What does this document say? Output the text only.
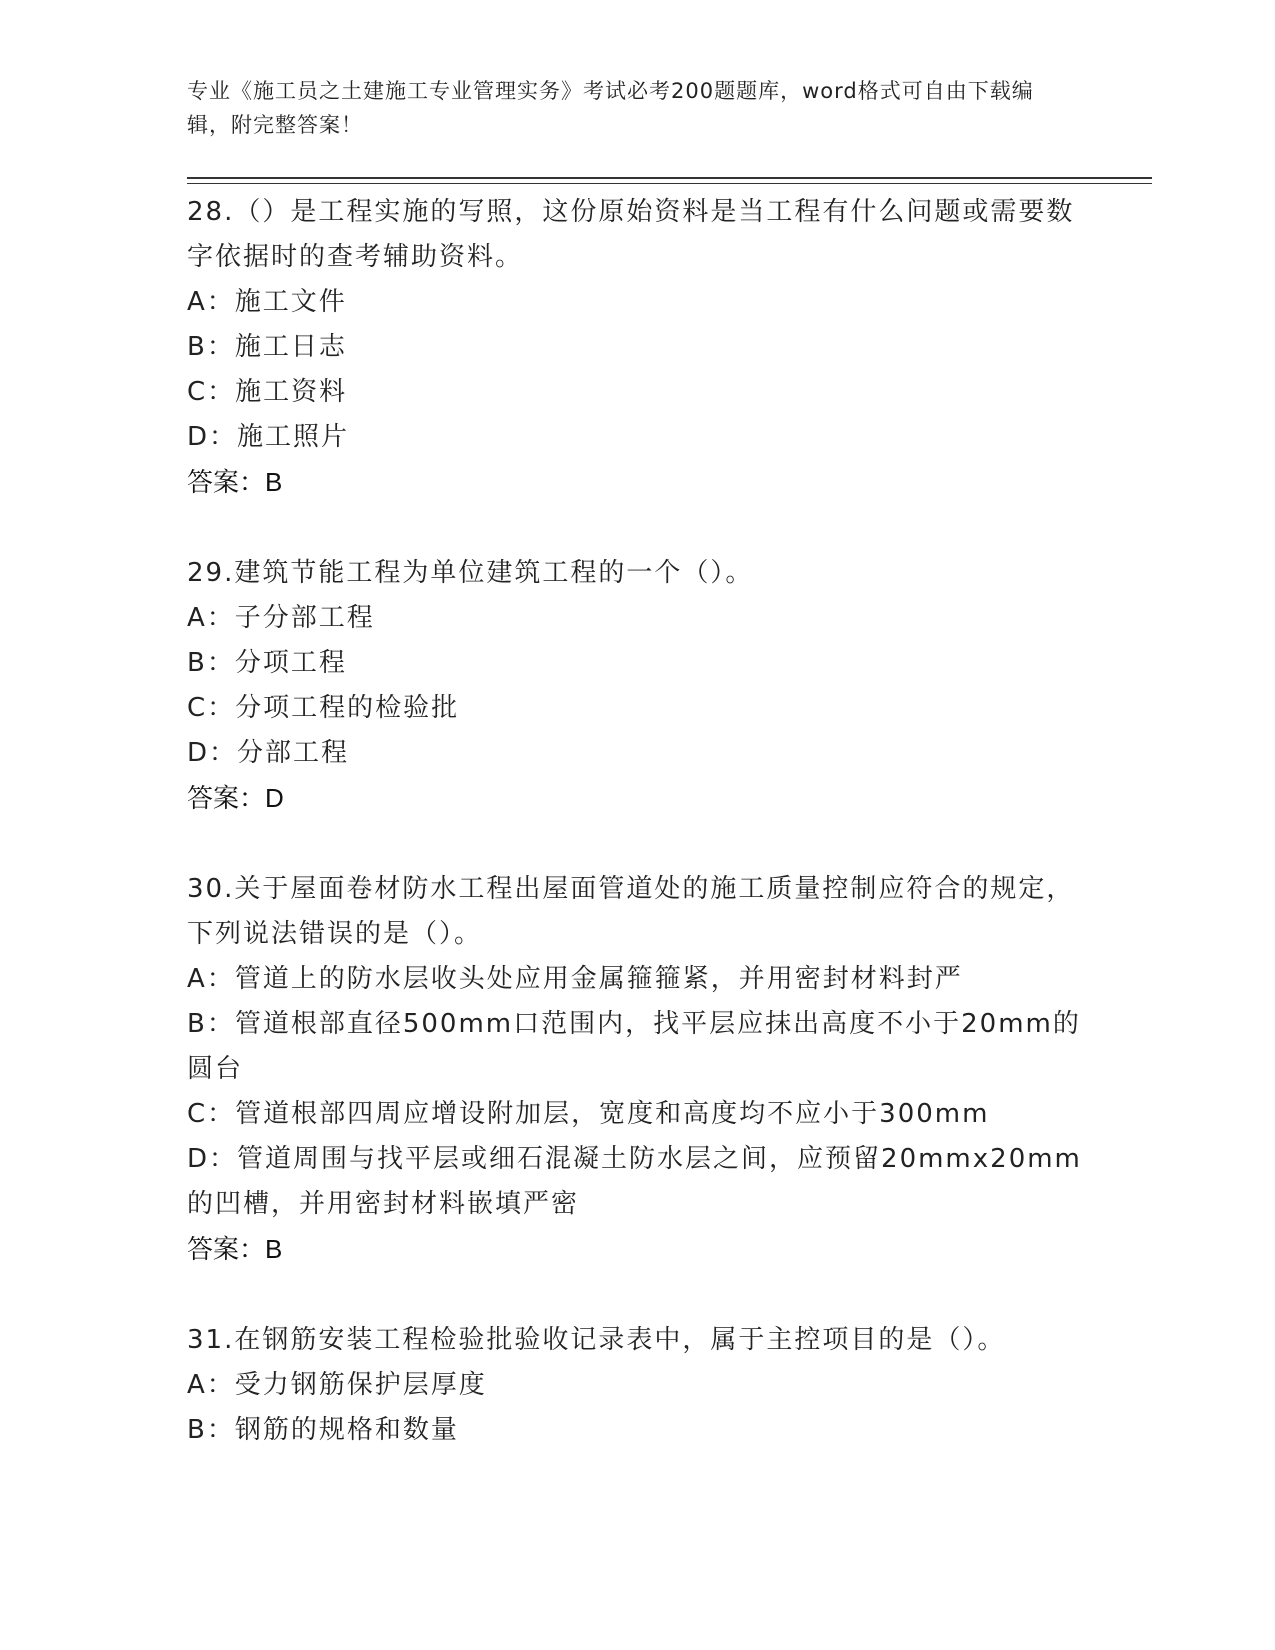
专业《施工员之土建施工专业管理实务》考试必考200题题库，word格式可自由下载编辑，附完整答案！

28.（）是工程实施的写照，这份原始资料是当工程有什么问题或需要数字依据时的查考辅助资料。

A：施工文件

B：施工日志

C：施工资料

D：施工照片

答案：B

29.建筑节能工程为单位建筑工程的一个（）。

A：子分部工程

B：分项工程

C：分项工程的检验批

D：分部工程

答案：D

30.关于屋面卷材防水工程出屋面管道处的施工质量控制应符合的规定，下列说法错误的是（）。

A：管道上的防水层收头处应用金属箍箍紧，并用密封材料封严

B：管道根部直径500mm口范围内，找平层应抹出高度不小于20mm的圆台

C：管道根部四周应增设附加层，宽度和高度均不应小于300mm

D：管道周围与找平层或细石混凝土防水层之间，应预留20mmx20mm的凹槽，并用密封材料嵌填严密

答案：B

31.在钢筋安装工程检验批验收记录表中，属于主控项目的是（）。

A：受力钢筋保护层厚度

B：钢筋的规格和数量
